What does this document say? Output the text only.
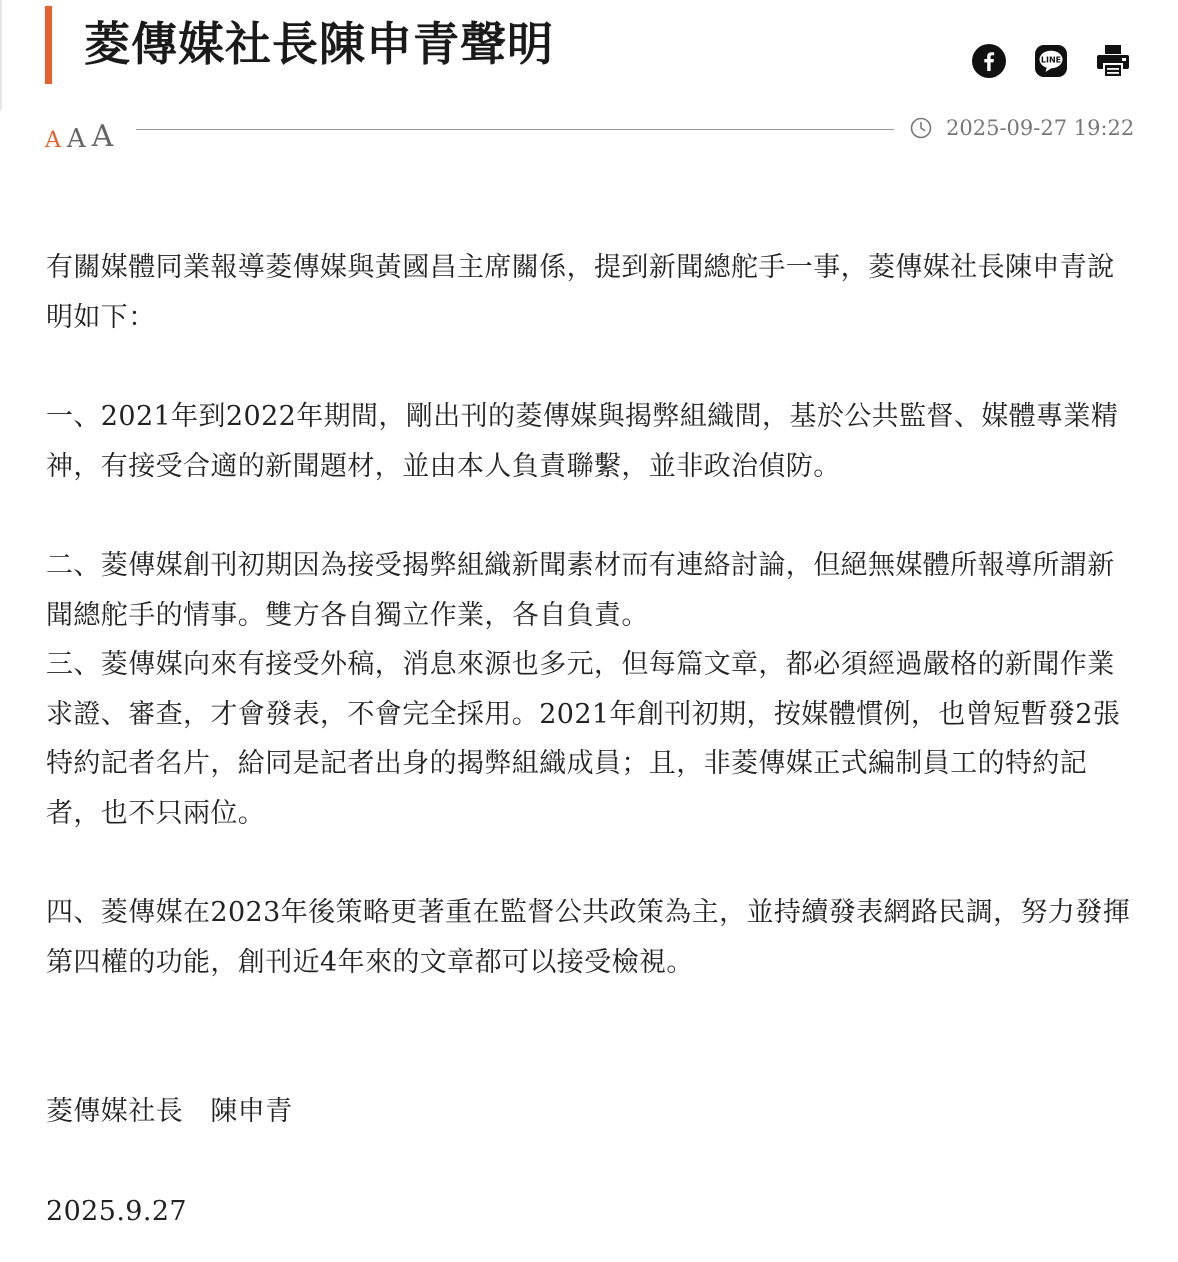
菱傳媒社長陳申青聲明	LINE
A A A	2025-09-27 19:22

有關媒體同業報導菱傳媒與黃國昌主席關係，提到新聞總舵手一事，菱傳媒社長陳申青說明如下：

一、2021年到2022年期間，剛出刊的菱傳媒與揭弊組織間，基於公共監督、媒體專業精神，有接受合適的新聞題材，並由本人負責聯繫，並非政治偵防。

二、菱傳媒創刊初期因為接受揭弊組織新聞素材而有連絡討論，但絕無媒體所報導所謂新聞總舵手的情事。雙方各自獨立作業，各自負責。

三、菱傳媒向來有接受外稿，消息來源也多元，但每篇文章，都必須經過嚴格的新聞作業求證、審查，才會發表，不會完全採用。2021年創刊初期，按媒體慣例，也曾短暫發2張特約記者名片，給同是記者出身的揭弊組織成員；且，非菱傳媒正式編制員工的特約記者，也不只兩位。

四、菱傳媒在2023年後策略更著重在監督公共政策為主，並持續發表網路民調，努力發揮第四權的功能，創刊近4年來的文章都可以接受檢視。

菱傳媒社長　陳申青

2025.9.27
